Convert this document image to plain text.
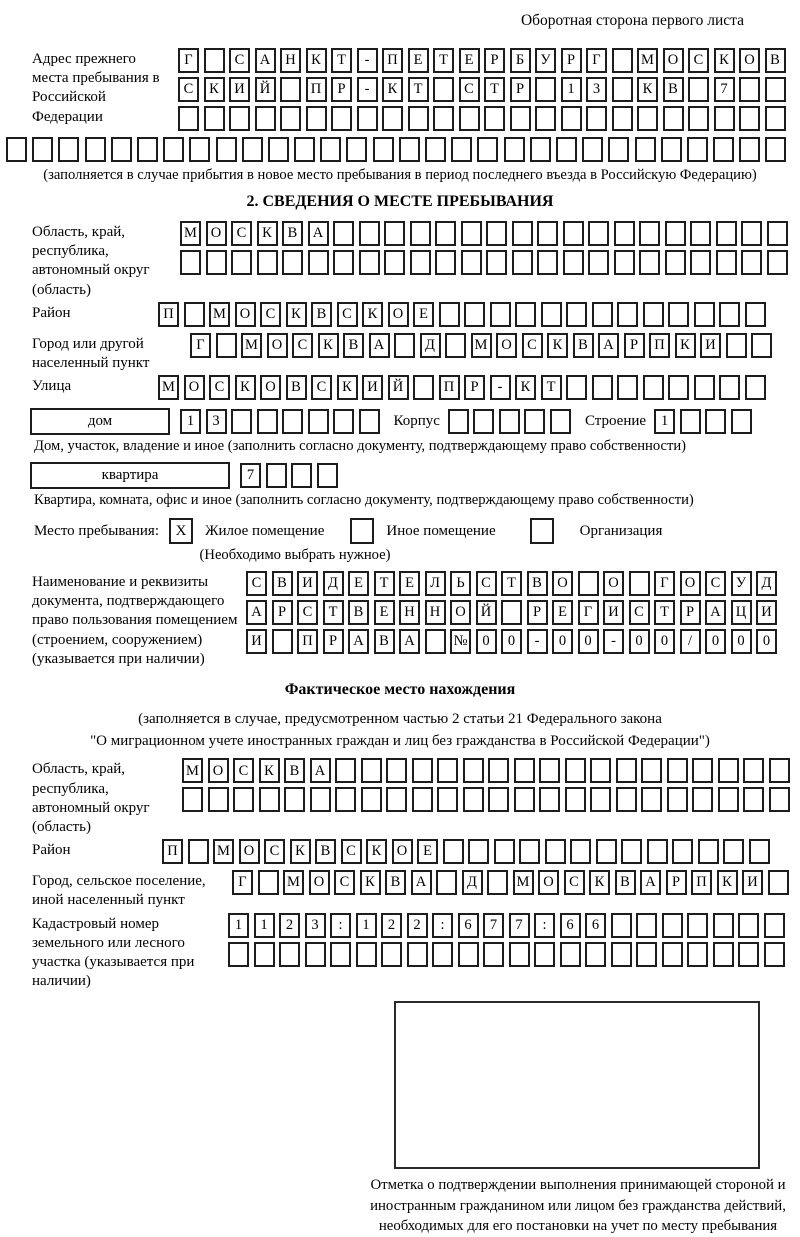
Оборотная сторона первого листа
Адрес прежнего места пребывания в Российской Федерации
Г	С	А	Н	К	Т	-	П	Е	Т	Е	Р	Б	У	Р	Г	М О	С	К	О	В
С	К	И	Й	П	Р	-	К	Т	С	Т	Р	1	3	К	В	7
(заполняется в случае прибытия в новое место пребывания в период последнего въезда в Российскую Федерацию)
2. СВЕДЕНИЯ О МЕСТЕ ПРЕБЫВАНИЯ
Область, край, республика, автономный округ (область)
М О	С	К	В	А
Район	П	М О	С	К	В	С	К	О	Е
Город или другой населенный пункт
Г	М О	С	К	В	А	Д	М О	С	К	В	А	Р	П	К	И
Улица	М О	С	К	О	В	С	К	И	Й	П	Р	-	К	Т
дом	1	3	Корпус	Строение	1
Дом, участок, владение и иное (заполнить согласно документу, подтверждающему право собственности)
квартира	7
Квартира, комната, офис и иное (заполнить согласно документу, подтверждающему право собственности)
Место пребывания:	X	Жилое помещение	Иное помещение	Организация
(Необходимо выбрать нужное)
Наименование и реквизиты документа, подтверждающего право пользования помещением (строением, сооружением) (указывается при наличии)
С	В	И	Д	Е	Т	Е	Л	Ь	С	Т	В	О	О	Г	О	С	У	Д
А	Р	С	Т	В	Е	Н	Н	О	Й	Р	Е	Г	И	С	Т	Р	А	Ц	И
И	П	Р	А	В	А	№	0	0	-	0	0	-	0	0	/	0	0	0
Фактическое место нахождения
(заполняется в случае, предусмотренном частью 2 статьи 21 Федерального закона
"О миграционном учете иностранных граждан и лиц без гражданства в Российской Федерации")
Область, край, республика, автономный округ (область)
М О	С	К	В	А
Район	П	М О	С	К	В	С	К	О	Е
Город, сельское поселение, иной населенный пункт
Г	М О	С	К	В	А	Д	М О	С	К	В	А	Р	П	К	И
Кадастровый номер земельного или лесного участка (указывается при наличии)
1	1	2	3	:	1	2	2	:	6	7	7	:	6	6
Отметка о подтверждении выполнения принимающей стороной и иностранным гражданином или лицом без гражданства действий, необходимых для его постановки на учет по месту пребывания
